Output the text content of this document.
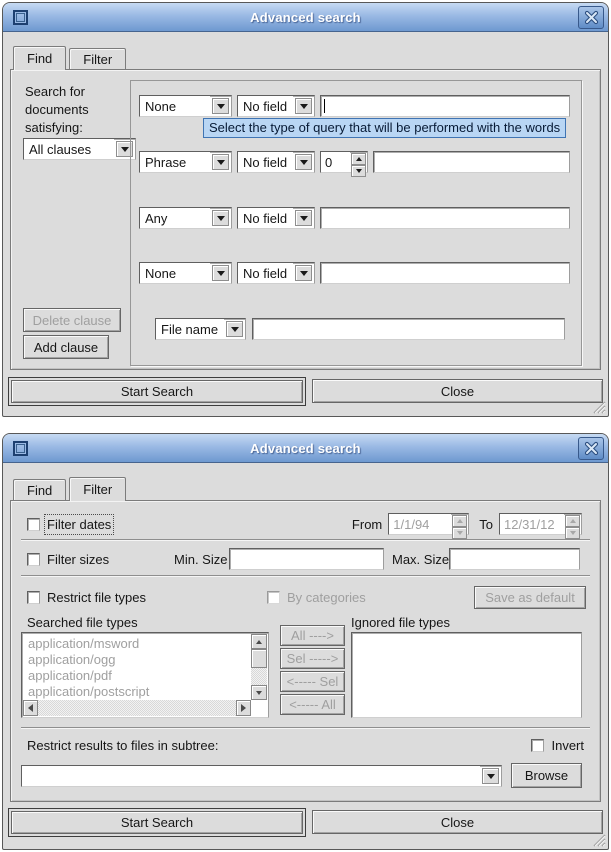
Advanced search
Find Filter
Search for documents satisfying:
All clauses
None	No field
Select the type of query that will be performed with the words
Phrase	No field	0
Any	No field
None	No field
File name
Delete clause
Add clause
Start Search	Close
Advanced search
Find Filter
Filter dates	From 1/1/94	To 12/31/12
Filter sizes	Min. Size	Max. Size
Restrict file types	By categories	Save as default
Searched file types	Ignored file types
application/msword
application/ogg
application/pdf
application/postscript
All ---->
Sel ----->
<----- Sel
<----- All
Restrict results to files in subtree:	Invert
Browse
Start Search	Close
